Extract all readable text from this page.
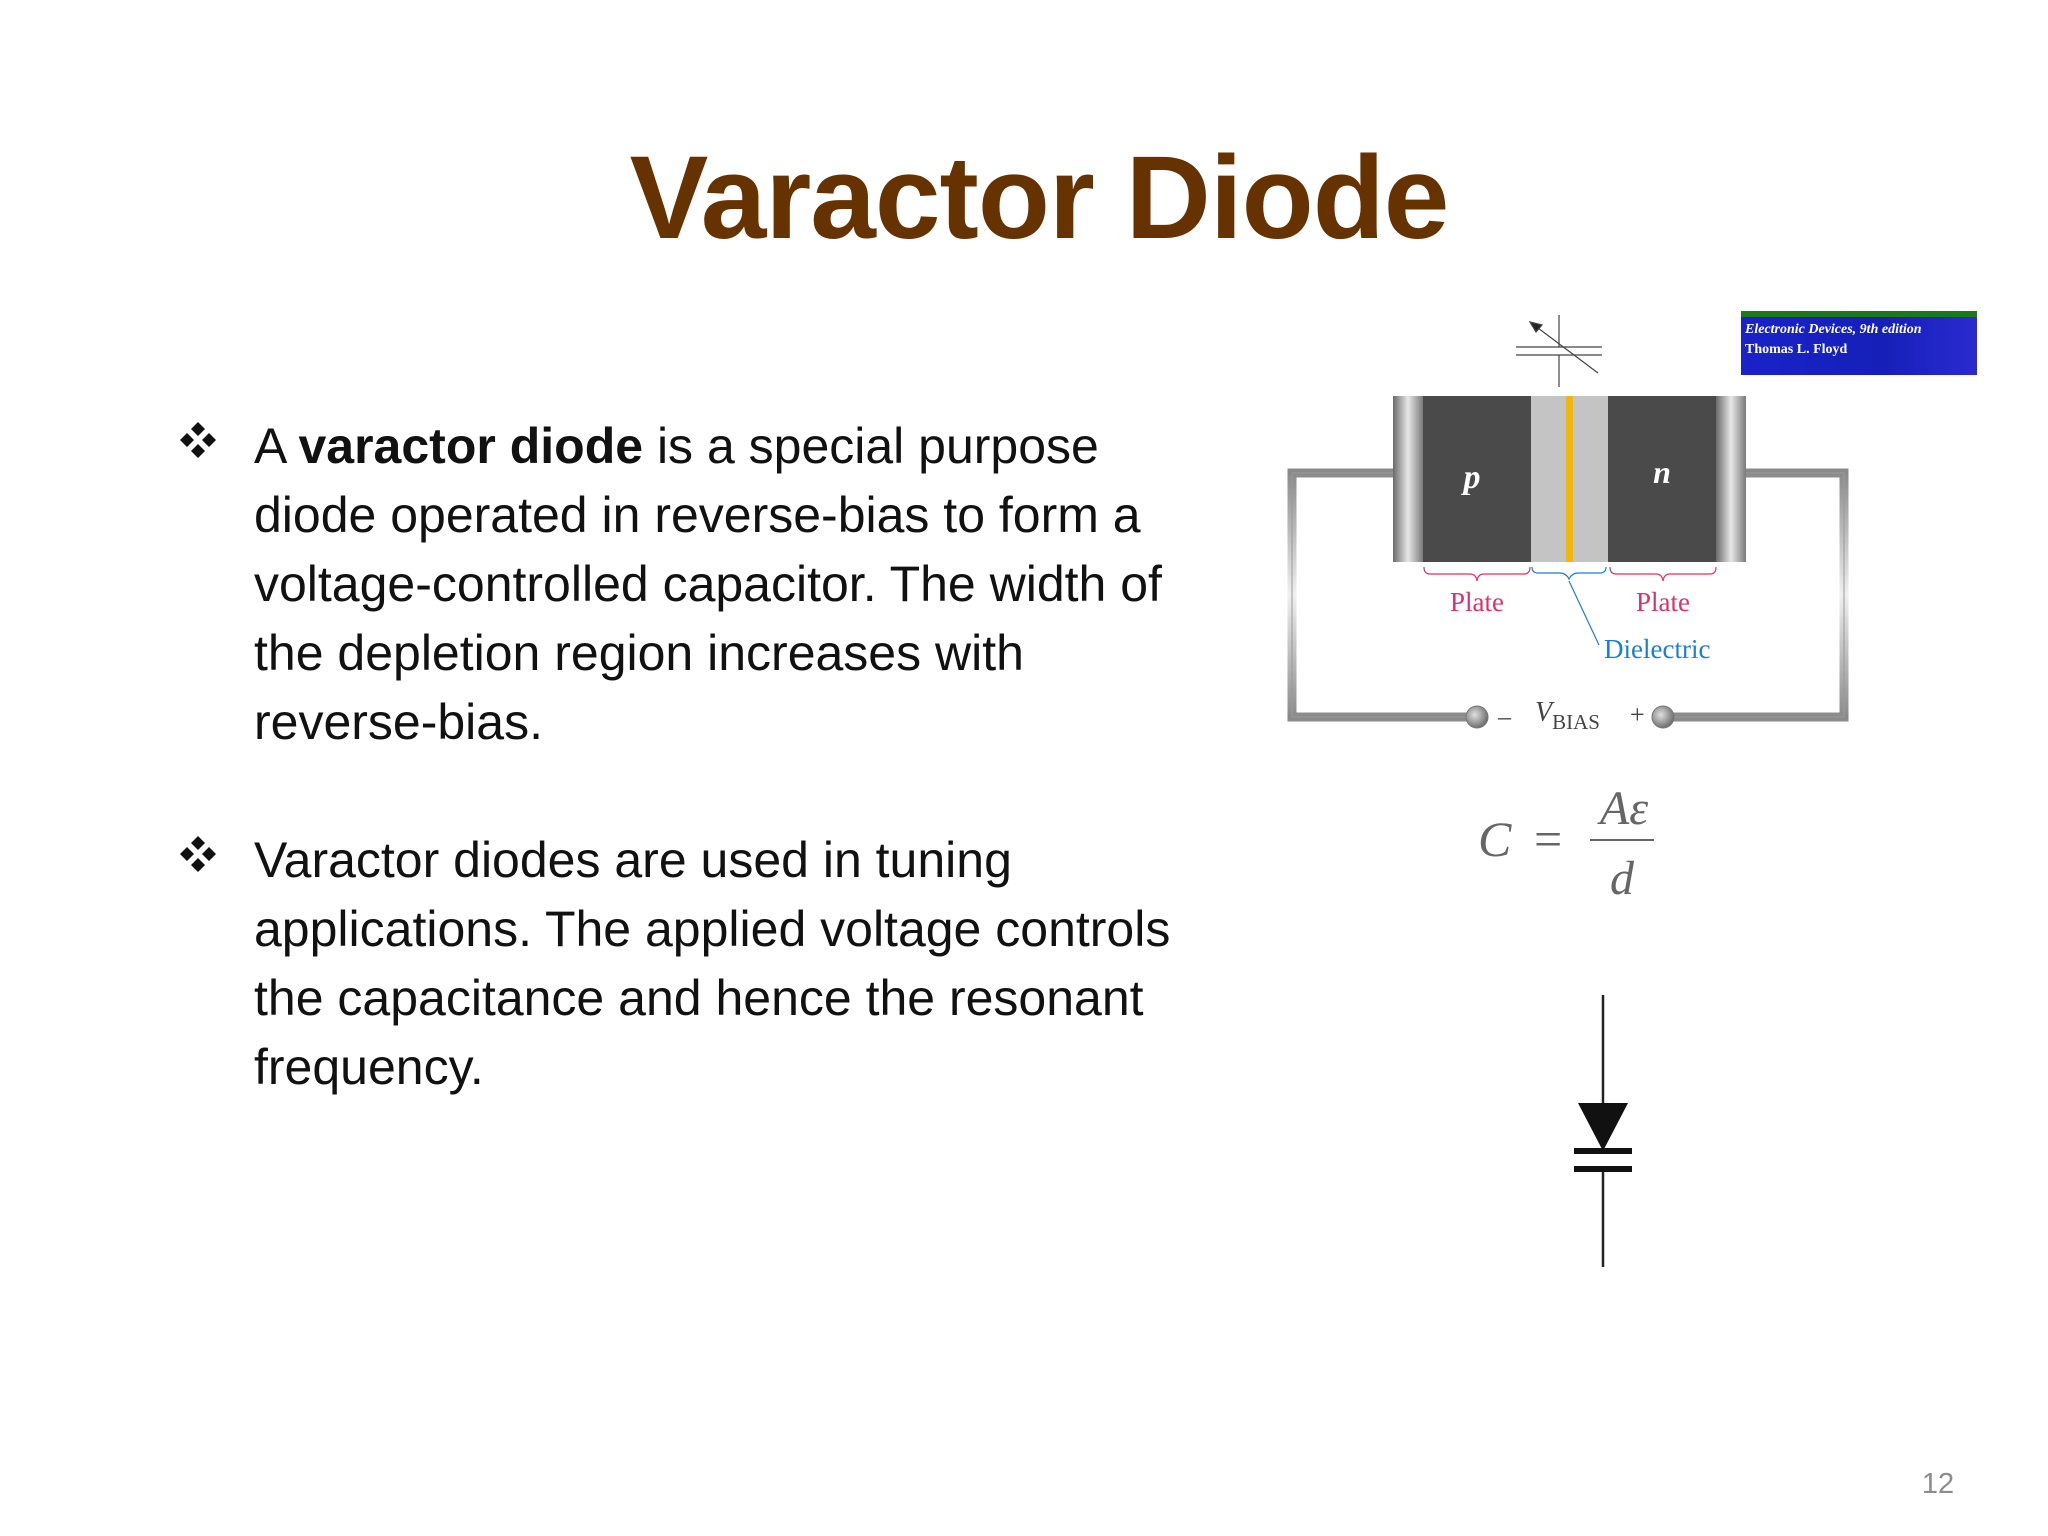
Varactor Diode
A varactor diode is a special purpose diode operated in reverse-bias to form a voltage-controlled capacitor. The width of the depletion region increases with reverse-bias.
Varactor diodes are used in tuning applications. The applied voltage controls the capacitance and hence the resonant frequency.
p	n
Plate	Plate
Dielectric
–	+
$V_{BIAS}$
Electronic Devices, 9th edition
Thomas L. Floyd
C =
Aε
d
12
